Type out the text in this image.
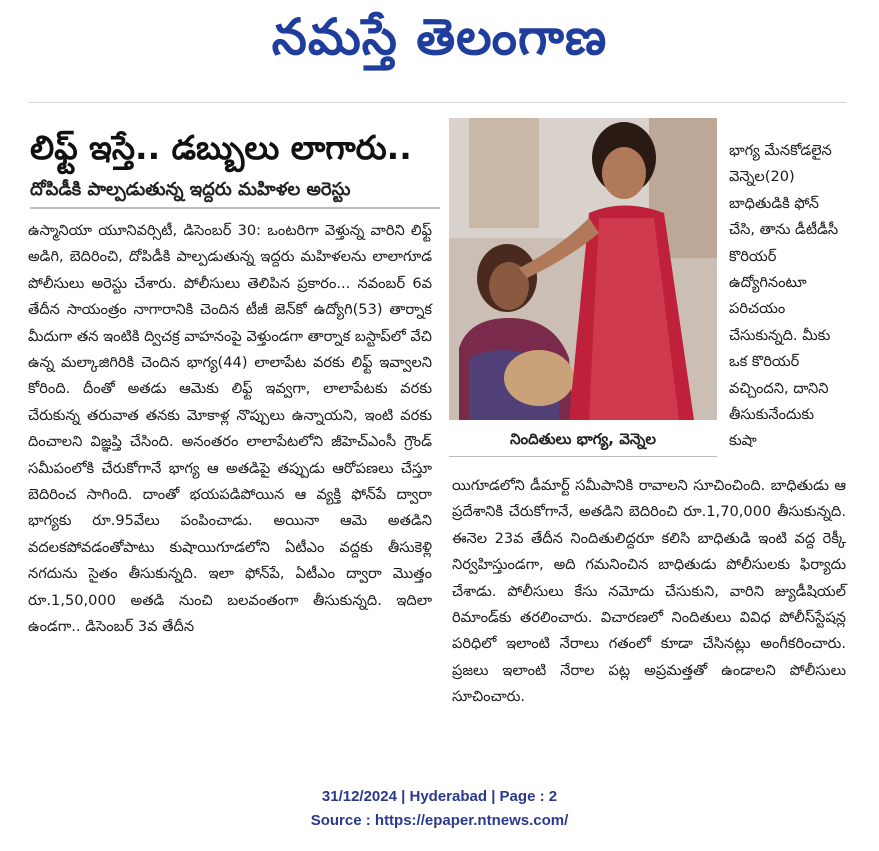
నమస్తే తెలంగాణ
లిఫ్ట్ ఇస్తే.. డబ్బులు లాగారు..
దోపిడీకి పాల్పడుతున్న ఇద్దరు మహిళల అరెస్టు

ఉస్మానియా యూనివర్సిటీ, డిసెంబర్ 30: ఒంటరిగా వెళ్తున్న వారిని లిఫ్ట్ అడిగి, బెదిరించి, దోపిడీకి పాల్పడుతున్న ఇద్దరు మహిళలను లాలాగూడ పోలీసులు అరెస్టు చేశారు. పోలీసులు తెలిపిన ప్రకారం... నవంబర్ 6వ తేదీన సాయంత్రం నాగారానికి చెందిన టీజీ జెన్‌కో ఉద్యోగి(53) తార్నాక మీదుగా తన ఇంటికి ద్విచక్ర వాహనంపై వెళ్తుండగా తార్నాక బస్టాప్‌లో వేచి ఉన్న మల్కాజిగిరికి చెందిన భాగ్య(44) లాలాపేట వరకు లిఫ్ట్ ఇవ్వాలని కోరింది. దీంతో అతడు ఆమెకు లిఫ్ట్ ఇవ్వగా, లాలాపేటకు వరకు చేరుకున్న తరువాత తనకు మోకాళ్ల నొప్పులు ఉన్నాయని, ఇంటి వరకు దించాలని విజ్ఞప్తి చేసింది. అనంతరం లాలాపేటలోని జీహెచ్‌ఎంసీ గ్రౌండ్ సమీపంలోకి చేరుకోగానే భాగ్య ఆ అతడిపై తప్పుడు ఆరోపణలు చేస్తూ బెదిరించ సాగింది. దాంతో భయపడిపోయిన ఆ వ్యక్తి ఫోన్‌పే ద్వారా భాగ్యకు రూ.95వేలు పంపించాడు. అయినా ఆమె అతడిని వదలకపోవడంతోపాటు కుషాయిగూడలోని ఏటీఎం వద్దకు తీసుకెళ్లి నగదును సైతం తీసుకున్నది. ఇలా ఫోన్‌పే, ఏటీఎం ద్వారా మొత్తం రూ.1,50,000 అతడి నుంచి బలవంతంగా తీసుకున్నది. ఇదిలా ఉండగా.. డిసెంబర్ 3వ తేదీన

నిందితులు భాగ్య, వెన్నెల

భాగ్య మేనకోడలైన వెన్నెల(20) బాధితుడికి ఫోన్ చేసి, తాను డీటీడీసీ కొరియర్ ఉద్యోగినంటూ పరిచయం చేసుకున్నది. మీకు ఒక కొరియర్ వచ్చిందని, దానిని తీసుకునేందుకు కుషా

యిగూడలోని డీమార్ట్ సమీపానికి రావాలని సూచించింది. బాధితుడు ఆ ప్రదేశానికి చేరుకోగానే, అతడిని బెదిరించి రూ.1,70,000 తీసుకున్నది. ఈనెల 23వ తేదీన నిందితులిద్దరూ కలిసి బాధితుడి ఇంటి వద్ద రెక్కీ నిర్వహిస్తుండగా, అది గమనించిన బాధితుడు పోలీసులకు ఫిర్యాదు చేశాడు. పోలీసులు కేసు నమోదు చేసుకుని, వారిని జ్యుడీషియల్ రిమాండ్‌కు తరలించారు. విచారణలో నిందితులు వివిధ పోలీస్‌స్టేషన్ల పరిధిలో ఇలాంటి నేరాలు గతంలో కూడా చేసినట్లు అంగీకరించారు. ప్రజలు ఇలాంటి నేరాల పట్ల అప్రమత్తతో ఉండాలని పోలీసులు సూచించారు.

31/12/2024 | Hyderabad | Page : 2
Source : https://epaper.ntnews.com/
